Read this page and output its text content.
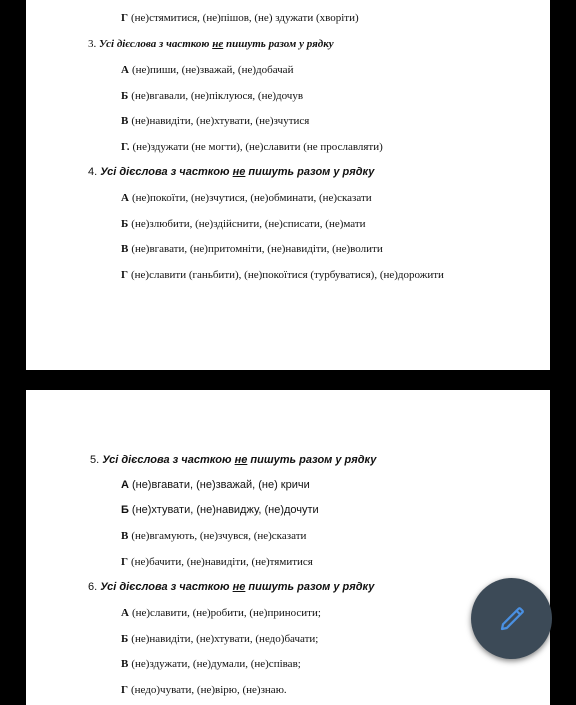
Г (не)стямитися, (не)пішов, (не) здужати (хворіти)
3. Усі дієслова з часткою не пишуть разом у рядку
А (не)пиши, (не)зважай, (не)добачай
Б (не)вгавали, (не)піклуюся, (не)дочув
В (не)навидіти, (не)хтувати, (не)зчутися
Г. (не)здужати (не могти), (не)славити (не прославляти)
4. Усі дієслова з часткою не пишуть разом у рядку
А (не)покоїти, (не)зчутися, (не)обминати, (не)сказати
Б (не)злюбити, (не)здійснити, (не)списати, (не)мати
В (не)вгавати, (не)притомніти, (не)навидіти, (не)волити
Г (не)славити (ганьбити), (не)покоїтися (турбуватися), (не)дорожити
5. Усі дієслова з часткою не пишуть разом у рядку
А (не)вгавати, (не)зважай, (не) кричи
Б (не)хтувати, (не)навиджу, (не)дочути
В (не)вгамують, (не)зчувся, (не)сказати
Г (не)бачити, (не)навидіти, (не)тямитися
6. Усі дієслова з часткою не пишуть разом у рядку
А (не)славити, (не)робити, (не)приносити;
Б (не)навидіти, (не)хтувати, (недо)бачати;
В (не)здужати, (не)думали, (не)співав;
Г (недо)чувати, (не)вірю, (не)знаю.
